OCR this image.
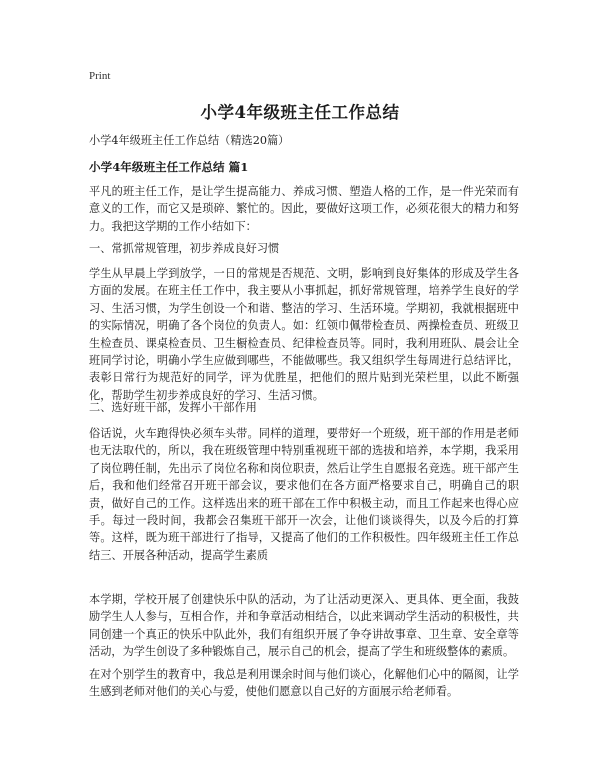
Print
小学4年级班主任工作总结
小学4年级班主任工作总结（精选20篇）
小学4年级班主任工作总结 篇1
平凡的班主任工作，是让学生提高能力、养成习惯、塑造人格的工作，是一件光荣而有意义的工作，而它又是琐碎、繁忙的。因此，要做好这项工作，必须花很大的精力和努力。我把这学期的工作小结如下：
一、常抓常规管理，初步养成良好习惯
学生从早晨上学到放学，一日的常规是否规范、文明，影响到良好集体的形成及学生各方面的发展。在班主任工作中，我主要从小事抓起，抓好常规管理，培养学生良好的学习、生活习惯，为学生创设一个和谐、整洁的学习、生活环境。学期初，我就根据班中的实际情况，明确了各个岗位的负责人。如：红领巾佩带检查员、两操检查员、班级卫生检查员、课桌检查员、卫生橱检查员、纪律检查员等。同时，我利用班队、晨会让全班同学讨论，明确小学生应做到哪些，不能做哪些。我又组织学生每周进行总结评比，表彰日常行为规范好的同学，评为优胜星，把他们的照片贴到光荣栏里，以此不断强化，帮助学生初步养成良好的学习、生活习惯。
二、选好班干部，发挥小干部作用
俗话说，火车跑得快必须车头带。同样的道理，要带好一个班级，班干部的作用是老师也无法取代的，所以，我在班级管理中特别重视班干部的选拔和培养，本学期，我采用了岗位聘任制，先出示了岗位名称和岗位职责，然后让学生自愿报名竞选。班干部产生后，我和他们经常召开班干部会议，要求他们在各方面严格要求自己，明确自己的职责，做好自己的工作。这样选出来的班干部在工作中积极主动，而且工作起来也得心应手。每过一段时间，我都会召集班干部开一次会，让他们谈谈得失，以及今后的打算等。这样，既为班干部进行了指导，又提高了他们的工作积极性。四年级班主任工作总结三、开展各种活动，提高学生素质
本学期，学校开展了创建快乐中队的活动，为了让活动更深入、更具体、更全面，我鼓励学生人人参与，互相合作，并和争章活动相结合，以此来调动学生活动的积极性，共同创建一个真正的快乐中队此外，我们有组织开展了争夺讲故事章、卫生章、安全章等活动，为学生创设了多种锻炼自己，展示自己的机会，提高了学生和班级整体的素质。
在对个别学生的教育中，我总是利用课余时间与他们谈心，化解他们心中的隔阂，让学生感到老师对他们的关心与爱，使他们愿意以自己好的方面展示给老师看。
